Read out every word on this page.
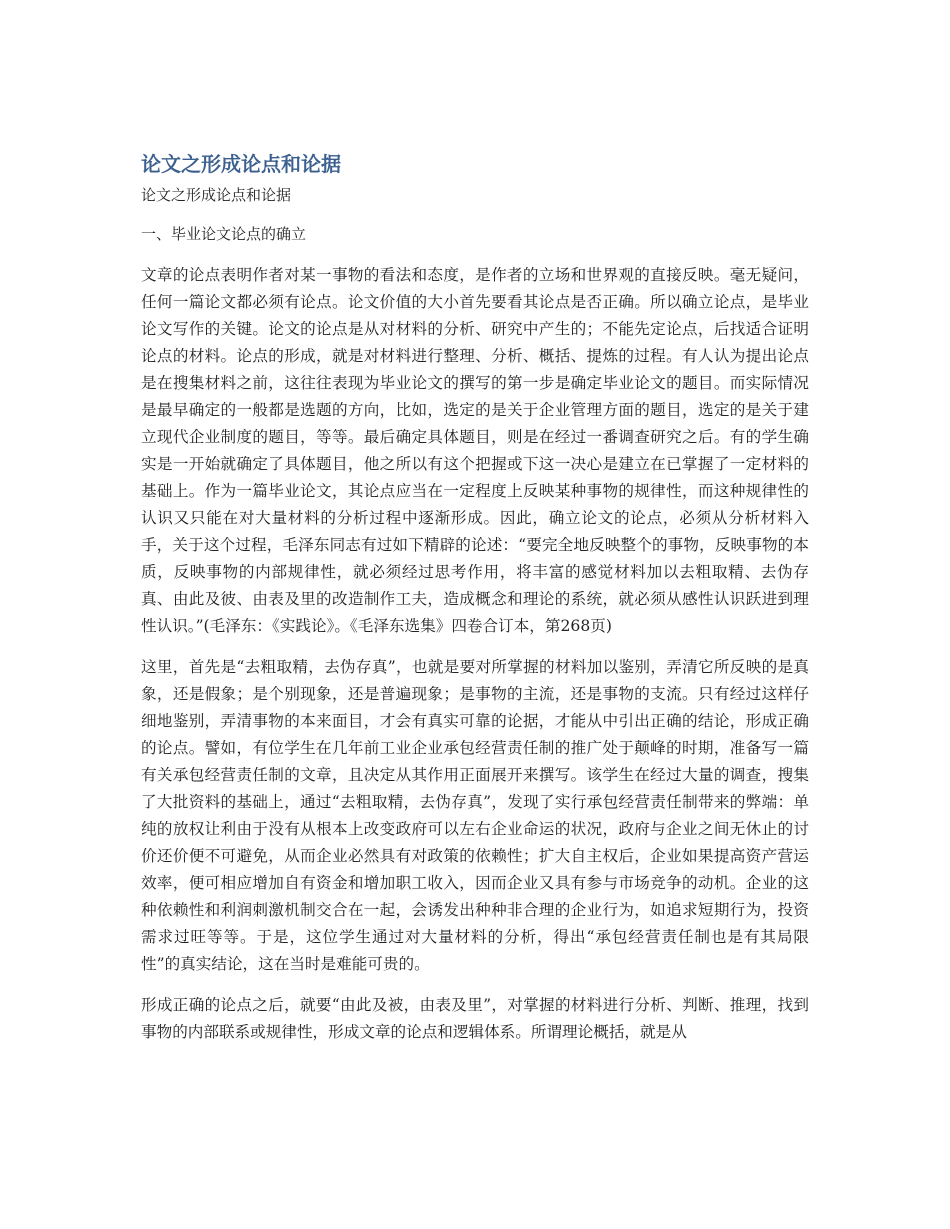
论文之形成论点和论据

论文之形成论点和论据

一、毕业论文论点的确立

文章的论点表明作者对某一事物的看法和态度，是作者的立场和世界观的直接反映。毫无疑问，任何一篇论文都必须有论点。论文价值的大小首先要看其论点是否正确。所以确立论点，是毕业论文写作的关键。论文的论点是从对材料的分析、研究中产生的；不能先定论点，后找适合证明论点的材料。论点的形成，就是对材料进行整理、分析、概括、提炼的过程。有人认为提出论点是在搜集材料之前，这往往表现为毕业论文的撰写的第一步是确定毕业论文的题目。而实际情况是最早确定的一般都是选题的方向，比如，选定的是关于企业管理方面的题目，选定的是关于建立现代企业制度的题目，等等。最后确定具体题目，则是在经过一番调查研究之后。有的学生确实是一开始就确定了具体题目，他之所以有这个把握或下这一决心是建立在已掌握了一定材料的基础上。作为一篇毕业论文，其论点应当在一定程度上反映某种事物的规律性，而这种规律性的认识又只能在对大量材料的分析过程中逐渐形成。因此，确立论文的论点，必须从分析材料入手，关于这个过程，毛泽东同志有过如下精辟的论述：“要完全地反映整个的事物，反映事物的本质，反映事物的内部规律性，就必须经过思考作用，将丰富的感觉材料加以去粗取精、去伪存真、由此及彼、由表及里的改造制作工夫，造成概念和理论的系统，就必须从感性认识跃进到理性认识。”(毛泽东：《实践论》。《毛泽东选集》四卷合订本，第268页)

这里，首先是“去粗取精，去伪存真”，也就是要对所掌握的材料加以鉴别，弄清它所反映的是真象，还是假象；是个别现象，还是普遍现象；是事物的主流，还是事物的支流。只有经过这样仔细地鉴别，弄清事物的本来面目，才会有真实可靠的论据，才能从中引出正确的结论，形成正确的论点。譬如，有位学生在几年前工业企业承包经营责任制的推广处于颠峰的时期，准备写一篇有关承包经营责任制的文章，且决定从其作用正面展开来撰写。该学生在经过大量的调查，搜集了大批资料的基础上，通过“去粗取精，去伪存真”，发现了实行承包经营责任制带来的弊端：单纯的放权让利由于没有从根本上改变政府可以左右企业命运的状况，政府与企业之间无休止的讨价还价便不可避免，从而企业必然具有对政策的依赖性；扩大自主权后，企业如果提高资产营运效率，便可相应增加自有资金和增加职工收入，因而企业又具有参与市场竞争的动机。企业的这种依赖性和利润刺激机制交合在一起，会诱发出种种非合理的企业行为，如追求短期行为，投资需求过旺等等。于是，这位学生通过对大量材料的分析，得出“承包经营责任制也是有其局限性”的真实结论，这在当时是难能可贵的。

形成正确的论点之后，就要“由此及被，由表及里”，对掌握的材料进行分析、判断、推理，找到事物的内部联系或规律性，形成文章的论点和逻辑体系。所谓理论概括，就是从
